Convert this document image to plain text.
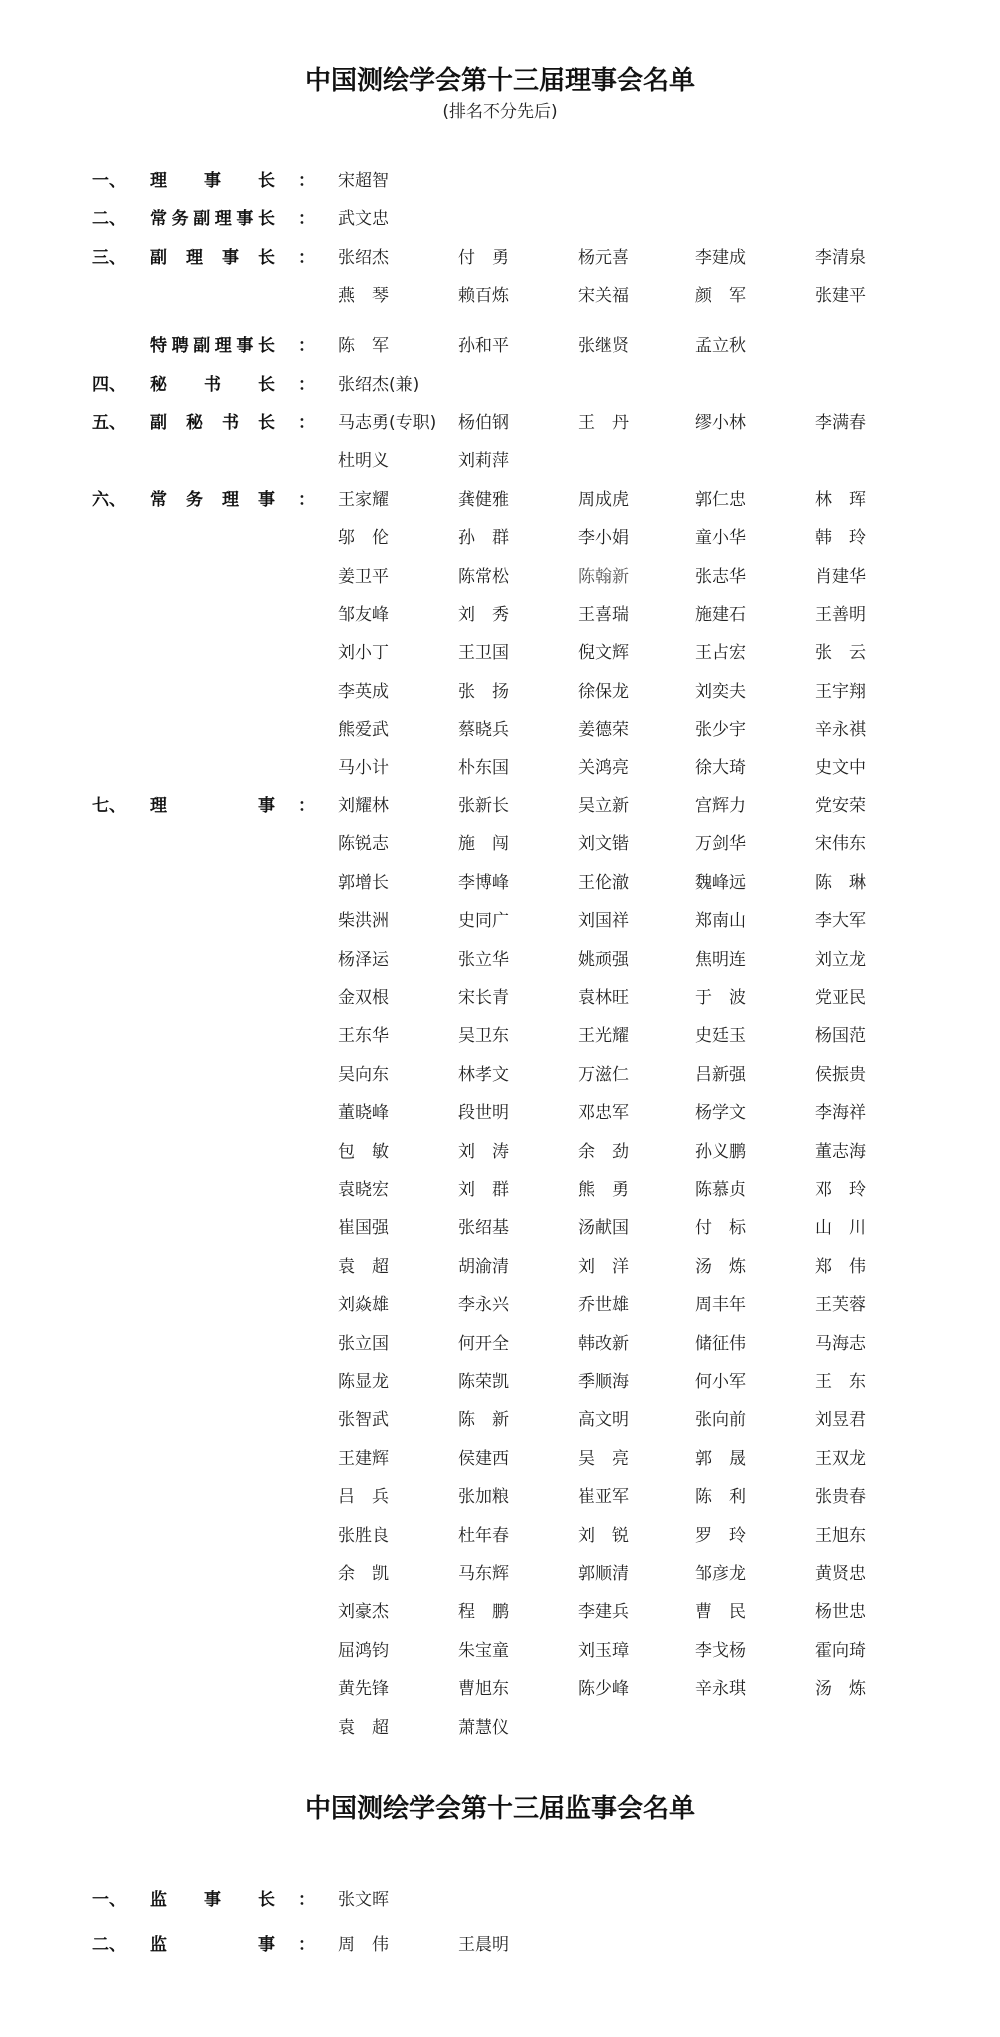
中国测绘学会第十三届理事会名单
(排名不分先后)
一、 理 事 长 ： 宋超智
二、 常 务 副 理 事 长 ： 武文忠
三、 副 理 事 长 ： 张绍杰	付　勇	杨元喜	李建成	李清泉
燕　琴	赖百炼	宋关福	颜　军	张建平
特 聘 副 理 事 长 ： 陈　军	孙和平	张继贤	孟立秋
四、 秘 书 长 ： 张绍杰(兼)
五、 副 秘 书 长 ： 马志勇(专职) 杨伯钢	王　丹	缪小林	李满春
杜明义	刘莉萍
六、 常 务 理 事 ： 王家耀	龚健雅	周成虎	郭仁忠	林　珲
邬　伦	孙　群	李小娟	童小华	韩　玲
姜卫平	陈常松	陈翰新	张志华	肖建华
邹友峰	刘　秀	王喜瑞	施建石	王善明
刘小丁	王卫国	倪文辉	王占宏	张　云
李英成	张　扬	徐保龙	刘奕夫	王宇翔
熊爱武	蔡晓兵	姜德荣	张少宇	辛永祺
马小计	朴东国	关鸿亮	徐大琦	史文中
七、 理	事 ： 刘耀林	张新长	吴立新	宫辉力	党安荣
陈锐志	施　闯	刘文锴	万剑华	宋伟东
郭增长	李博峰	王伦澈	魏峰远	陈　琳
柴洪洲	史同广	刘国祥	郑南山	李大军
杨泽运	张立华	姚顽强	焦明连	刘立龙
金双根	宋长青	袁林旺	于　波	党亚民
王东华	吴卫东	王光耀	史廷玉	杨国范
吴向东	林孝文	万滋仁	吕新强	侯振贵
董晓峰	段世明	邓忠军	杨学文	李海祥
包　敏	刘　涛	余　劲	孙义鹏	董志海
袁晓宏	刘　群	熊　勇	陈慕贞	邓　玲
崔国强	张绍基	汤献国	付　标	山　川
袁　超	胡渝清	刘　洋	汤　炼	郑　伟
刘焱雄	李永兴	乔世雄	周丰年	王芙蓉
张立国	何开全	韩改新	储征伟	马海志
陈显龙	陈荣凯	季顺海	何小军	王　东
张智武	陈　新	高文明	张向前	刘昱君
王建辉	侯建西	吴　亮	郭　晟	王双龙
吕　兵	张加粮	崔亚军	陈　利	张贵春
张胜良	杜年春	刘　锐	罗　玲	王旭东
余　凯	马东辉	郭顺清	邹彦龙	黄贤忠
刘豪杰	程　鹏	李建兵	曹　民	杨世忠
屈鸿钧	朱宝童	刘玉璋	李戈杨	霍向琦
黄先锋	曹旭东	陈少峰	辛永琪	汤　炼
袁　超	萧慧仪
中国测绘学会第十三届监事会名单
一、 监 事 长 ： 张文晖
二、 监	事 ： 周　伟	王晨明
